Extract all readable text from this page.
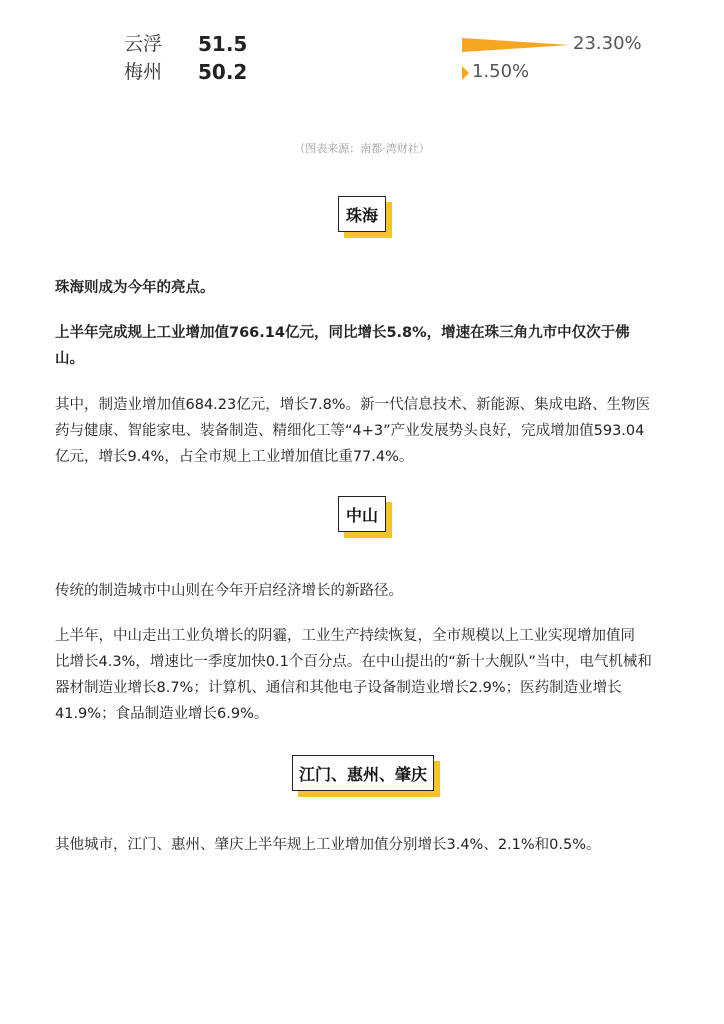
云浮 51.5	23.30%
梅州 50.2	1.50%
（图表来源：南都·湾财社）
珠海
珠海则成为今年的亮点。
上半年完成规上工业增加值766.14亿元，同比增长5.8%，增速在珠三角九市中仅次于佛
山。
其中，制造业增加值684.23亿元，增长7.8%。新一代信息技术、新能源、集成电路、生物医
药与健康、智能家电、装备制造、精细化工等“4+3”产业发展势头良好，完成增加值593.04
亿元，增长9.4%，占全市规上工业增加值比重77.4%。
中山
传统的制造城市中山则在今年开启经济增长的新路径。
上半年，中山走出工业负增长的阴霾，工业生产持续恢复，全市规模以上工业实现增加值同
比增长4.3%，增速比一季度加快0.1个百分点。在中山提出的“新十大舰队”当中，电气机械和
器材制造业增长8.7%；计算机、通信和其他电子设备制造业增长2.9%；医药制造业增长
41.9%；食品制造业增长6.9%。
江门、惠州、肇庆
其他城市，江门、惠州、肇庆上半年规上工业增加值分别增长3.4%、2.1%和0.5%。
